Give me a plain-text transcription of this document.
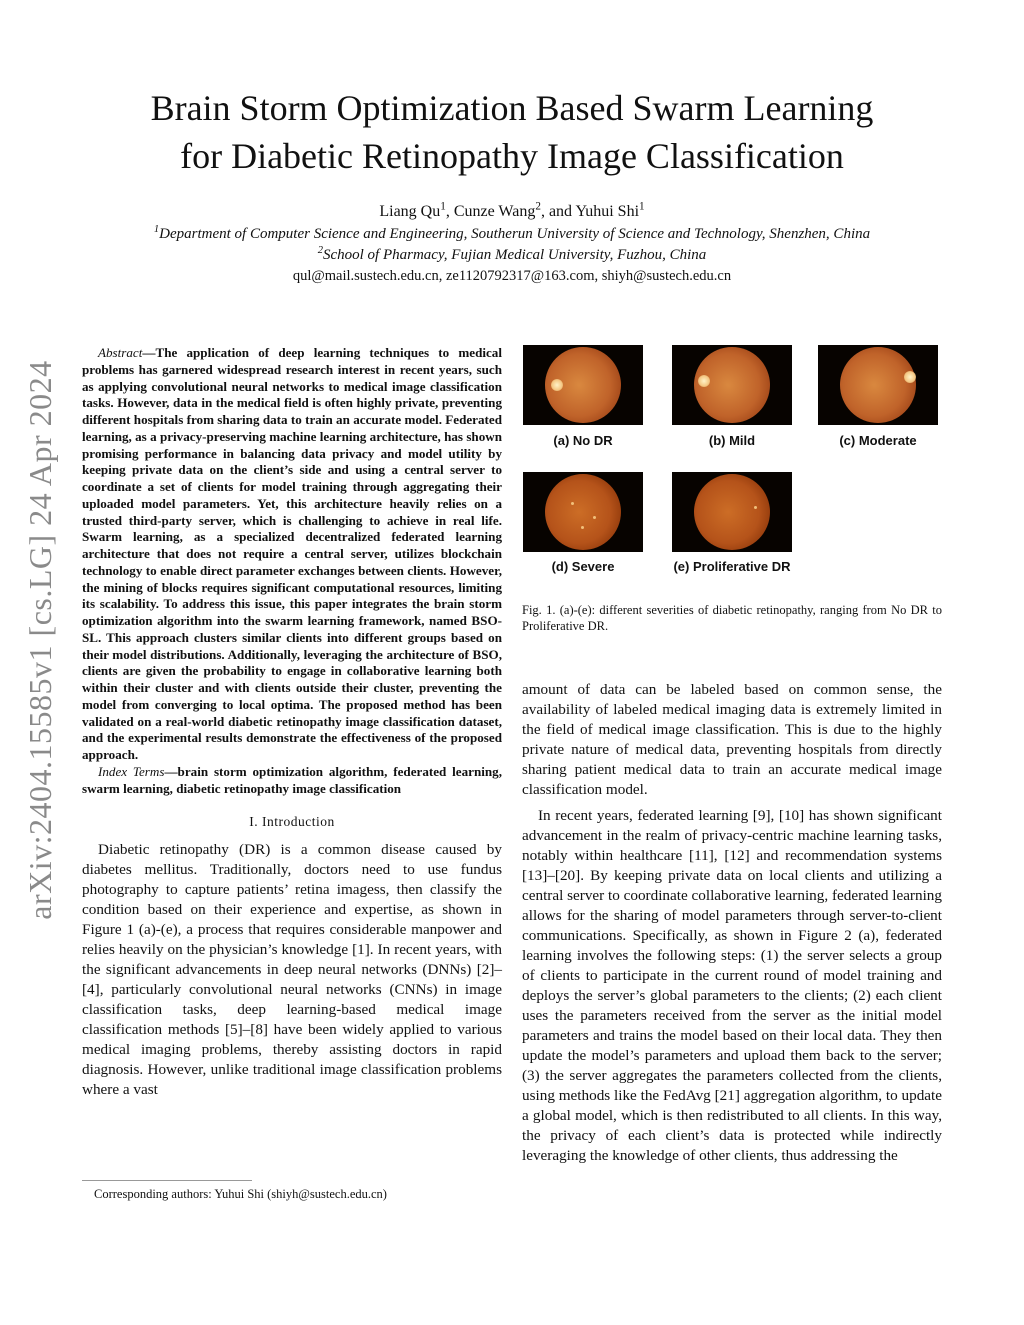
Brain Storm Optimization Based Swarm Learning
for Diabetic Retinopathy Image Classification
Liang Qu$^1$, Cunze Wang$^2$, and Yuhui Shi$^1$
$^1$Department of Computer Science and Engineering, Southerun University of Science and Technology, Shenzhen, China
$^2$School of Pharmacy, Fujian Medical University, Fuzhou, China
qul@mail.sustech.edu.cn, ze1120792317@163.com, shiyh@sustech.edu.cn
arXiv:2404.15585v1 [cs.LG] 24 Apr 2024

Abstract—The application of deep learning techniques to medical problems has garnered widespread research interest in recent years, such as applying convolutional neural networks to medical image classification tasks. However, data in the medical field is often highly private, preventing different hospitals from sharing data to train an accurate model. Federated learning, as a privacy-preserving machine learning architecture, has shown promising performance in balancing data privacy and model utility by keeping private data on the client’s side and using a central server to coordinate a set of clients for model training through aggregating their uploaded model parameters. Yet, this architecture heavily relies on a trusted third-party server, which is challenging to achieve in real life. Swarm learning, as a specialized decentralized federated learning architecture that does not require a central server, utilizes blockchain technology to enable direct parameter exchanges between clients. However, the mining of blocks requires significant computational resources, limiting its scalability. To address this issue, this paper integrates the brain storm optimization algorithm into the swarm learning framework, named BSO-SL. This approach clusters similar clients into different groups based on their model distributions. Additionally, leveraging the architecture of BSO, clients are given the probability to engage in collaborative learning both within their cluster and with clients outside their cluster, preventing the model from converging to local optima. The proposed method has been validated on a real-world diabetic retinopathy image classification dataset, and the experimental results demonstrate the effectiveness of the proposed approach.

Index Terms—brain storm optimization algorithm, federated learning, swarm learning, diabetic retinopathy image classification

I. Introduction

Diabetic retinopathy (DR) is a common disease caused by diabetes mellitus. Traditionally, doctors need to use fundus photography to capture patients’ retina imagess, then classify the condition based on their experience and expertise, as shown in Figure 1 (a)-(e), a process that requires considerable manpower and relies heavily on the physician’s knowledge [1]. In recent years, with the significant advancements in deep neural networks (DNNs) [2]–[4], particularly convolutional neural networks (CNNs) in image classification tasks, deep learning-based medical image classification methods [5]–[8] have been widely applied to various medical imaging problems, thereby assisting doctors in rapid diagnosis. However, unlike traditional image classification problems where a vast

Corresponding authors: Yuhui Shi (shiyh@sustech.edu.cn)
(a) No DR	(b) Mild	(c) Moderate
(d) Severe	(e) Proliferative DR

Fig. 1. (a)-(e): different severities of diabetic retinopathy, ranging from No DR to Proliferative DR.

amount of data can be labeled based on common sense, the availability of labeled medical imaging data is extremely limited in the field of medical image classification. This is due to the highly private nature of medical data, preventing hospitals from directly sharing patient medical data to train an accurate medical image classification model.

In recent years, federated learning [9], [10] has shown significant advancement in the realm of privacy-centric machine learning tasks, notably within healthcare [11], [12] and recommendation systems [13]–[20]. By keeping private data on local clients and utilizing a central server to coordinate collaborative learning, federated learning allows for the sharing of model parameters through server-to-client communications. Specifically, as shown in Figure 2 (a), federated learning involves the following steps: (1) the server selects a group of clients to participate in the current round of model training and deploys the server’s global parameters to the clients; (2) each client uses the parameters received from the server as the initial model parameters and trains the model based on their local data. They then update the model’s parameters and upload them back to the server; (3) the server aggregates the parameters collected from the clients, using methods like the FedAvg [21] aggregation algorithm, to update a global model, which is then redistributed to all clients. In this way, the privacy of each client’s data is protected while indirectly leveraging the knowledge of other clients, thus addressing the
